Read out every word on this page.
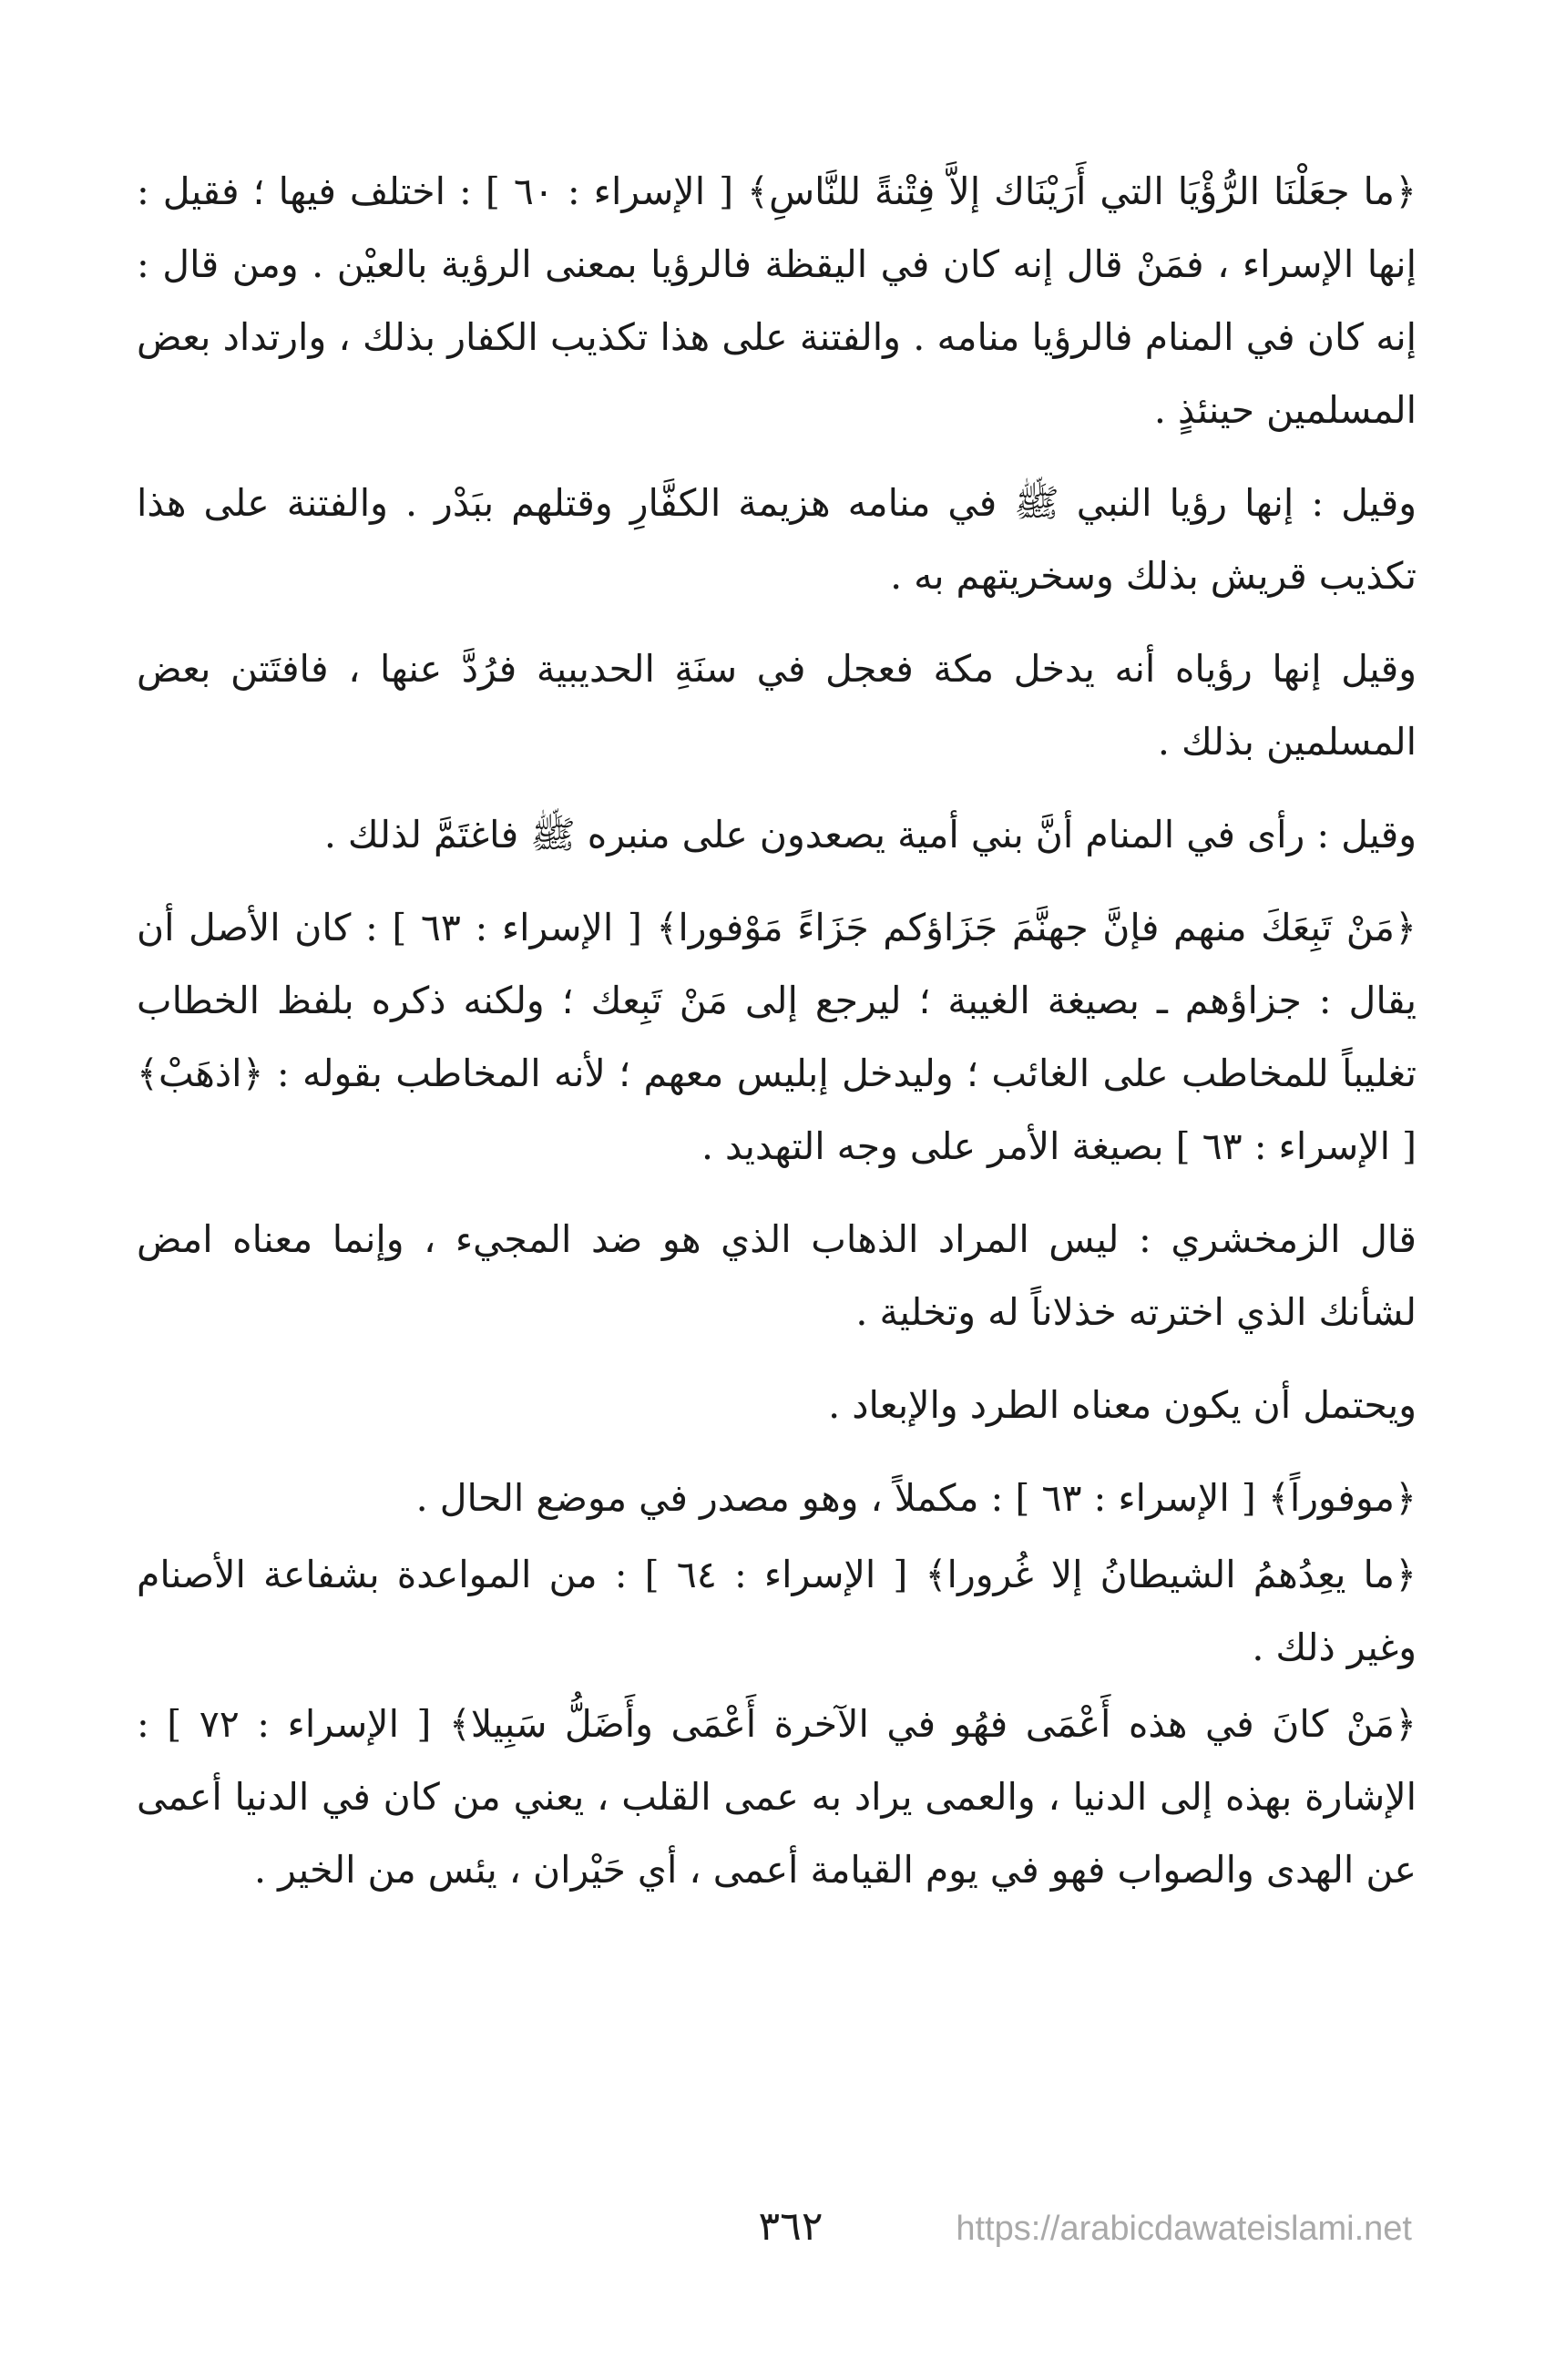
﴿ما جعَلْنَا الرُّؤْيَا التي أَرَيْنَاك إلاَّ فِتْنةً للنَّاسِ﴾ [ الإسراء : ٦٠ ] : اختلف فيها ؛ فقيل : إنها الإسراء ، فمَنْ قال إنه كان في اليقظة فالرؤيا بمعنى الرؤية بالعيْن . ومن قال : إنه كان في المنام فالرؤيا منامه . والفتنة على هذا تكذيب الكفار بذلك ، وارتداد بعض المسلمين حينئذٍ .

وقيل : إنها رؤيا النبي ﷺ في منامه هزيمة الكفَّارِ وقتلهم ببَدْر . والفتنة على هذا تكذيب قريش بذلك وسخريتهم به .

وقيل إنها رؤياه أنه يدخل مكة فعجل في سنَةِ الحديبية فرُدَّ عنها ، فافتَتن بعض المسلمين بذلك .

وقيل : رأى في المنام أنَّ بني أمية يصعدون على منبره ﷺ فاغتَمَّ لذلك .

﴿مَنْ تَبِعَكَ منهم فإنَّ جهنَّمَ جَزَاؤكم جَزَاءً مَوْفورا﴾ [ الإسراء : ٦٣ ] : كان الأصل أن يقال : جزاؤهم ـ بصيغة الغيبة ؛ ليرجع إلى مَنْ تَبِعك ؛ ولكنه ذكره بلفظ الخطاب تغليباً للمخاطب على الغائب ؛ وليدخل إبليس معهم ؛ لأنه المخاطب بقوله : ﴿اذهَبْ﴾ [ الإسراء : ٦٣ ] بصيغة الأمر على وجه التهديد .

قال الزمخشري : ليس المراد الذهاب الذي هو ضد المجيء ، وإنما معناه امض لشأنك الذي اخترته خذلاناً له وتخلية .

ويحتمل أن يكون معناه الطرد والإبعاد .

﴿موفوراً﴾ [ الإسراء : ٦٣ ] : مكملاً ، وهو مصدر في موضع الحال .

﴿ما يعِدُهمُ الشيطانُ إلا غُرورا﴾ [ الإسراء : ٦٤ ] : من المواعدة بشفاعة الأصنام وغير ذلك .

﴿مَنْ كانَ في هذه أَعْمَى فهُو في الآخرة أَعْمَى وأَضَلُّ سَبِيلا﴾ [ الإسراء : ٧٢ ] : الإشارة بهذه إلى الدنيا ، والعمى يراد به عمى القلب ، يعني من كان في الدنيا أعمى عن الهدى والصواب فهو في يوم القيامة أعمى ، أي حَيْران ، يئس من الخير .

٣٦٢	https://arabicdawateislami.net
